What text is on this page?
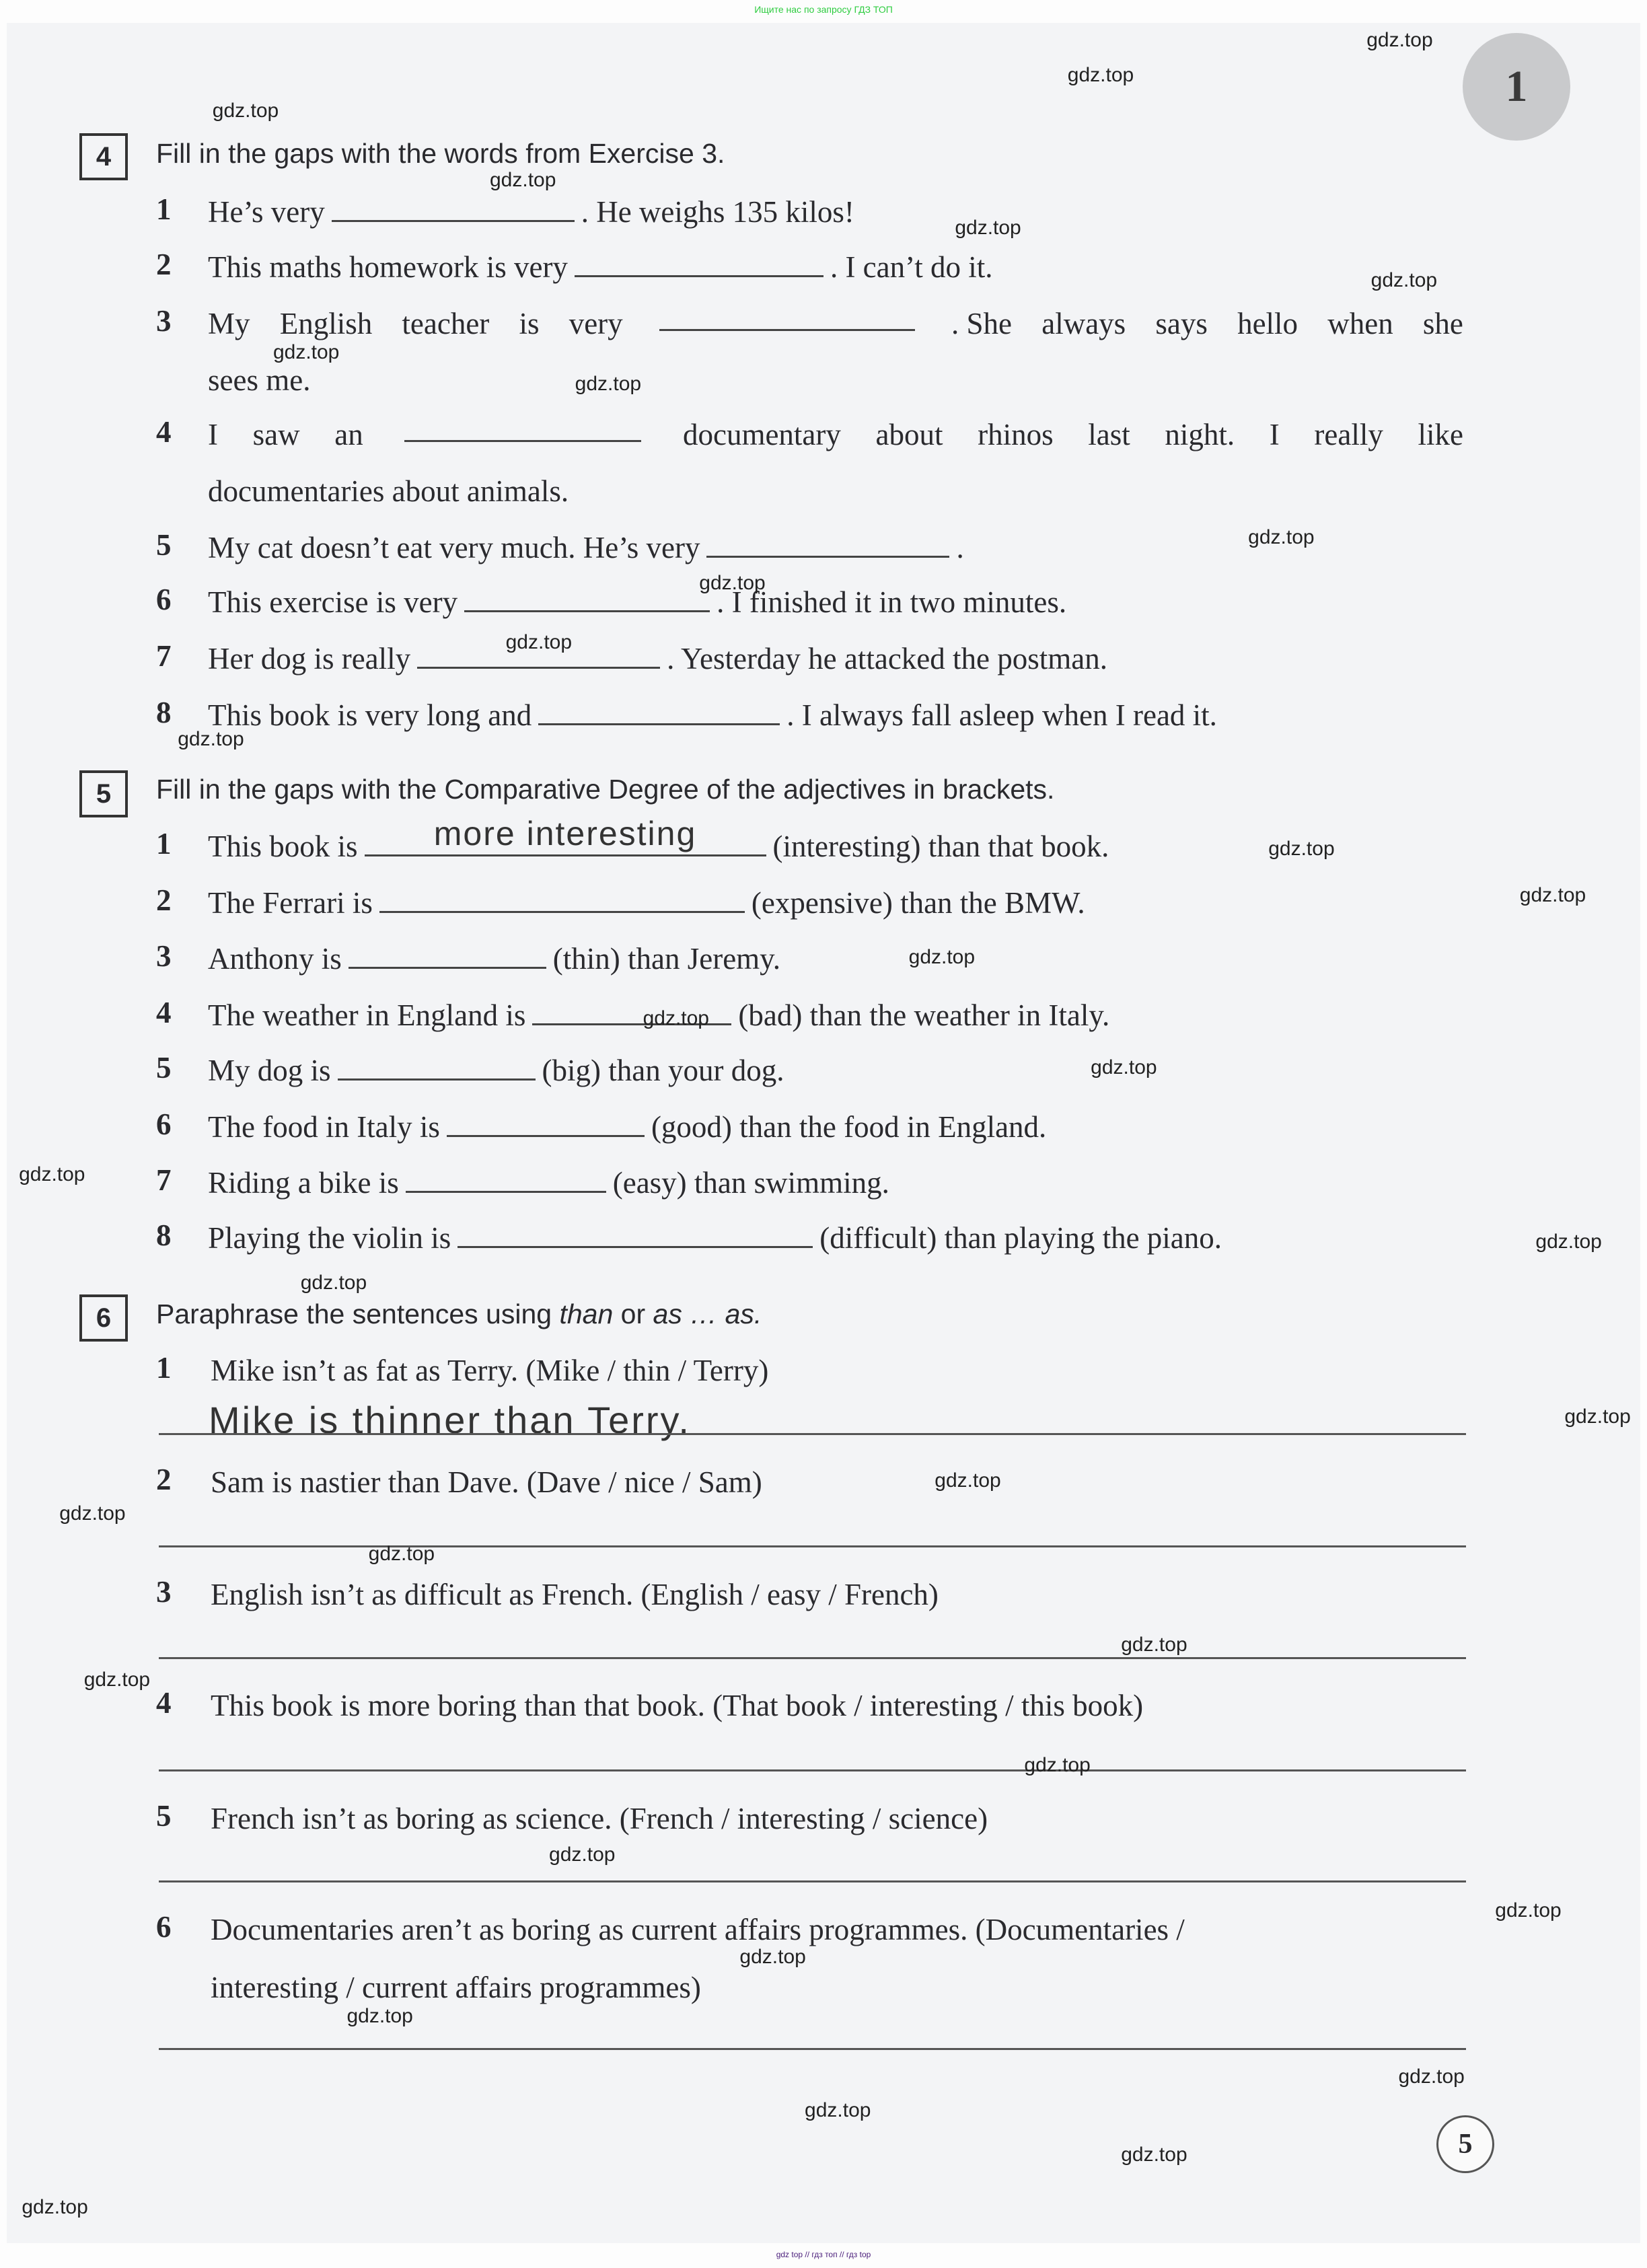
Ищите нас по запросу ГДЗ ТОП
1
4	Fill in the gaps with the words from Exercise 3.
1 He’s very	. He weighs 135 kilos!
2 This maths homework is very	. I can’t do it.
3 My English teacher is very	. She always says hello when she
sees me.
4 I saw an	documentary about rhinos last night. I really like
documentaries about animals.
5 My cat doesn’t eat very much. He’s very	.
6 This exercise is very	. I finished it in two minutes.
7 Her dog is really	. Yesterday he attacked the postman.
8 This book is very long and	. I always fall asleep when I read it.
5	Fill in the gaps with the Comparative Degree of the adjectives in brackets.
1 This book is	more interesting	(interesting) than that book.
2 The Ferrari is	(expensive) than the BMW.
3 Anthony is	(thin) than Jeremy.
4 The weather in England is	(bad) than the weather in Italy.
5 My dog is	(big) than your dog.
6 The food in Italy is	(good) than the food in England.
7 Riding a bike is	(easy) than swimming.
8 Playing the violin is	(difficult) than playing the piano.
6	Paraphrase the sentences using than or as … as.
1 Mike isn’t as fat as Terry. (Mike / thin / Terry)
Mike is thinner than Terry.
2 Sam is nastier than Dave. (Dave / nice / Sam)
3 English isn’t as difficult as French. (English / easy / French)
4 This book is more boring than that book. (That book / interesting / this book)
5 French isn’t as boring as science. (French / interesting / science)
6 Documentaries aren’t as boring as current affairs programmes. (Documentaries /
interesting / current affairs programmes)
5
gdz top // гдз топ // гдз top
gdz.top
gdz.top
gdz.top
gdz.top
gdz.top
gdz.top
gdz.top
gdz.top
gdz.top
gdz.top
gdz.top
gdz.top
gdz.top
gdz.top
gdz.top
gdz.top
gdz.top
gdz.top
gdz.top
gdz.top
gdz.top
gdz.top
gdz.top
gdz.top
gdz.top
gdz.top
gdz.top
gdz.top
gdz.top
gdz.top
gdz.top
gdz.top
gdz.top
gdz.top
gdz.top
